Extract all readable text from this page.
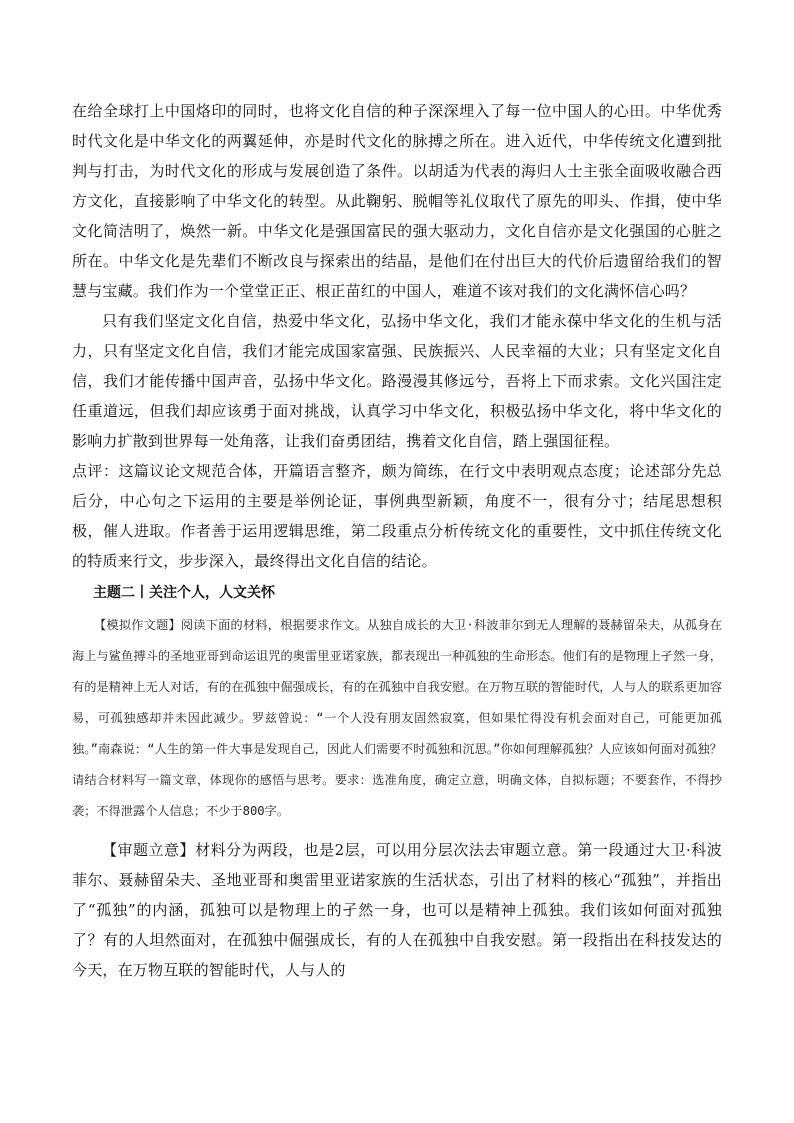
在给全球打上中国烙印的同时，也将文化自信的种子深深埋入了每一位中国人的心田。中华优秀时代文化是中华文化的两翼延伸，亦是时代文化的脉搏之所在。进入近代，中华传统文化遭到批判与打击，为时代文化的形成与发展创造了条件。以胡适为代表的海归人士主张全面吸收融合西方文化，直接影响了中华文化的转型。从此鞠躬、脱帽等礼仪取代了原先的叩头、作揖，使中华文化简洁明了，焕然一新。中华文化是强国富民的强大驱动力，文化自信亦是文化强国的心脏之所在。中华文化是先辈们不断改良与探索出的结晶，是他们在付出巨大的代价后遗留给我们的智慧与宝藏。我们作为一个堂堂正正、根正苗红的中国人，难道不该对我们的文化满怀信心吗？

只有我们坚定文化自信，热爱中华文化，弘扬中华文化，我们才能永葆中华文化的生机与活力，只有坚定文化自信，我们才能完成国家富强、民族振兴、人民幸福的大业；只有坚定文化自信，我们才能传播中国声音，弘扬中华文化。路漫漫其修远兮，吾将上下而求索。文化兴国注定任重道远，但我们却应该勇于面对挑战，认真学习中华文化，积极弘扬中华文化，将中华文化的影响力扩散到世界每一处角落，让我们奋勇团结，携着文化自信，踏上强国征程。

点评：这篇议论文规范合体，开篇语言整齐，颇为简练，在行文中表明观点态度；论述部分先总后分，中心句之下运用的主要是举例论证，事例典型新颖，角度不一，很有分寸；结尾思想积极，催人进取。作者善于运用逻辑思维，第二段重点分析传统文化的重要性，文中抓住传统文化的特质来行文，步步深入，最终得出文化自信的结论。

主题二丨关注个人，人文关怀

【模拟作文题】阅读下面的材料，根据要求作文。从独自成长的大卫·科波菲尔到无人理解的聂赫留朵夫，从孤身在海上与鲨鱼搏斗的圣地亚哥到命运诅咒的奥雷里亚诺家族，都表现出一种孤独的生命形态。他们有的是物理上孑然一身，有的是精神上无人对话，有的在孤独中倔强成长，有的在孤独中自我安慰。在万物互联的智能时代，人与人的联系更加容易，可孤独感却并未因此减少。罗兹曾说：“一个人没有朋友固然寂寞，但如果忙得没有机会面对自己，可能更加孤独。”南森说：“人生的第一件大事是发现自己，因此人们需要不时孤独和沉思。”你如何理解孤独？人应该如何面对孤独？请结合材料写一篇文章，体现你的感悟与思考。要求：选准角度，确定立意，明确文体，自拟标题；不要套作，不得抄袭；不得泄露个人信息；不少于800字。

【审题立意】材料分为两段，也是2层，可以用分层次法去审题立意。第一段通过大卫·科波菲尔、聂赫留朵夫、圣地亚哥和奥雷里亚诺家族的生活状态，引出了材料的核心“孤独”，并指出了“孤独”的内涵，孤独可以是物理上的孑然一身，也可以是精神上孤独。我们该如何面对孤独了？有的人坦然面对，在孤独中倔强成长，有的人在孤独中自我安慰。第一段指出在科技发达的今天，在万物互联的智能时代，人与人的
